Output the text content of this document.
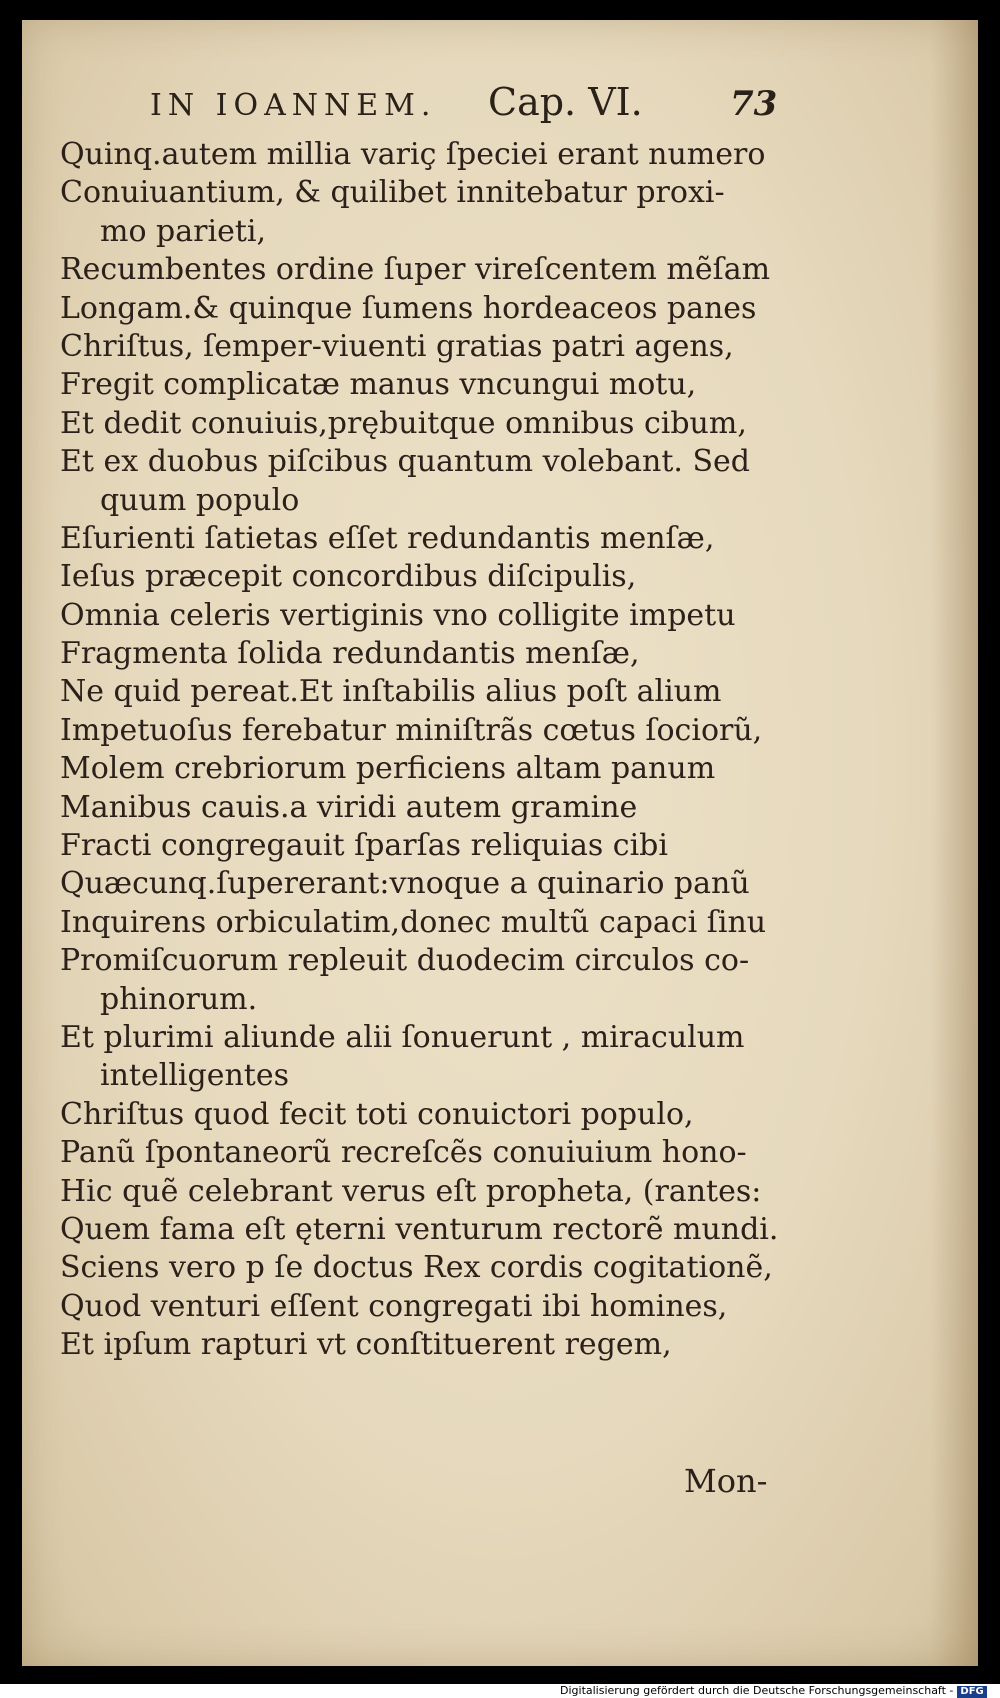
IN IOANNEM. Cap. VI.	73
Quinq.autem millia variç ſpeciei erant numero
Conuiuantium, & quilibet innitebatur proxi-
mo parieti,
Recumbentes ordine ſuper vireſcentem mẽſam
Longam.& quinque ſumens hordeaceos panes
Chriſtus, ſemper-viuenti gratias patri agens,
Fregit complicatæ manus vncungui motu,
Et dedit conuiuis,prębuitque omnibus cibum,
Et ex duobus piſcibus quantum volebant. Sed
quum populo
Eſurienti ſatietas eſſet redundantis menſæ,
Ieſus præcepit concordibus diſcipulis,
Omnia celeris vertiginis vno colligite impetu
Fragmenta ſolida redundantis menſæ,
Ne quid pereat.Et inſtabilis alius poſt alium
Impetuoſus ferebatur miniſtrãs cœtus ſociorũ,
Molem crebriorum perficiens altam panum
Manibus cauis.a viridi autem gramine
Fracti congregauit ſparſas reliquias cibi
Quæcunq.ſupererant:vnoque a quinario panũ
Inquirens orbiculatim,donec multũ capaci ſinu
Promiſcuorum repleuit duodecim circulos co-
phinorum.
Et plurimi aliunde alii ſonuerunt , miraculum
intelligentes
Chriſtus quod fecit toti conuictori populo,
Panũ ſpontaneorũ recreſcẽs conuiuium hono-
Hic quẽ celebrant verus eſt propheta, (rantes:
Quem fama eſt ęterni venturum rectorẽ mundi.
Sciens vero p ſe doctus Rex cordis cogitationẽ,
Quod venturi eſſent congregati ibi homines,
Et ipſum rapturi vt conſtituerent regem,
Mon-
Digitalisierung gefördert durch die Deutsche Forschungsgemeinschaft - DFG
